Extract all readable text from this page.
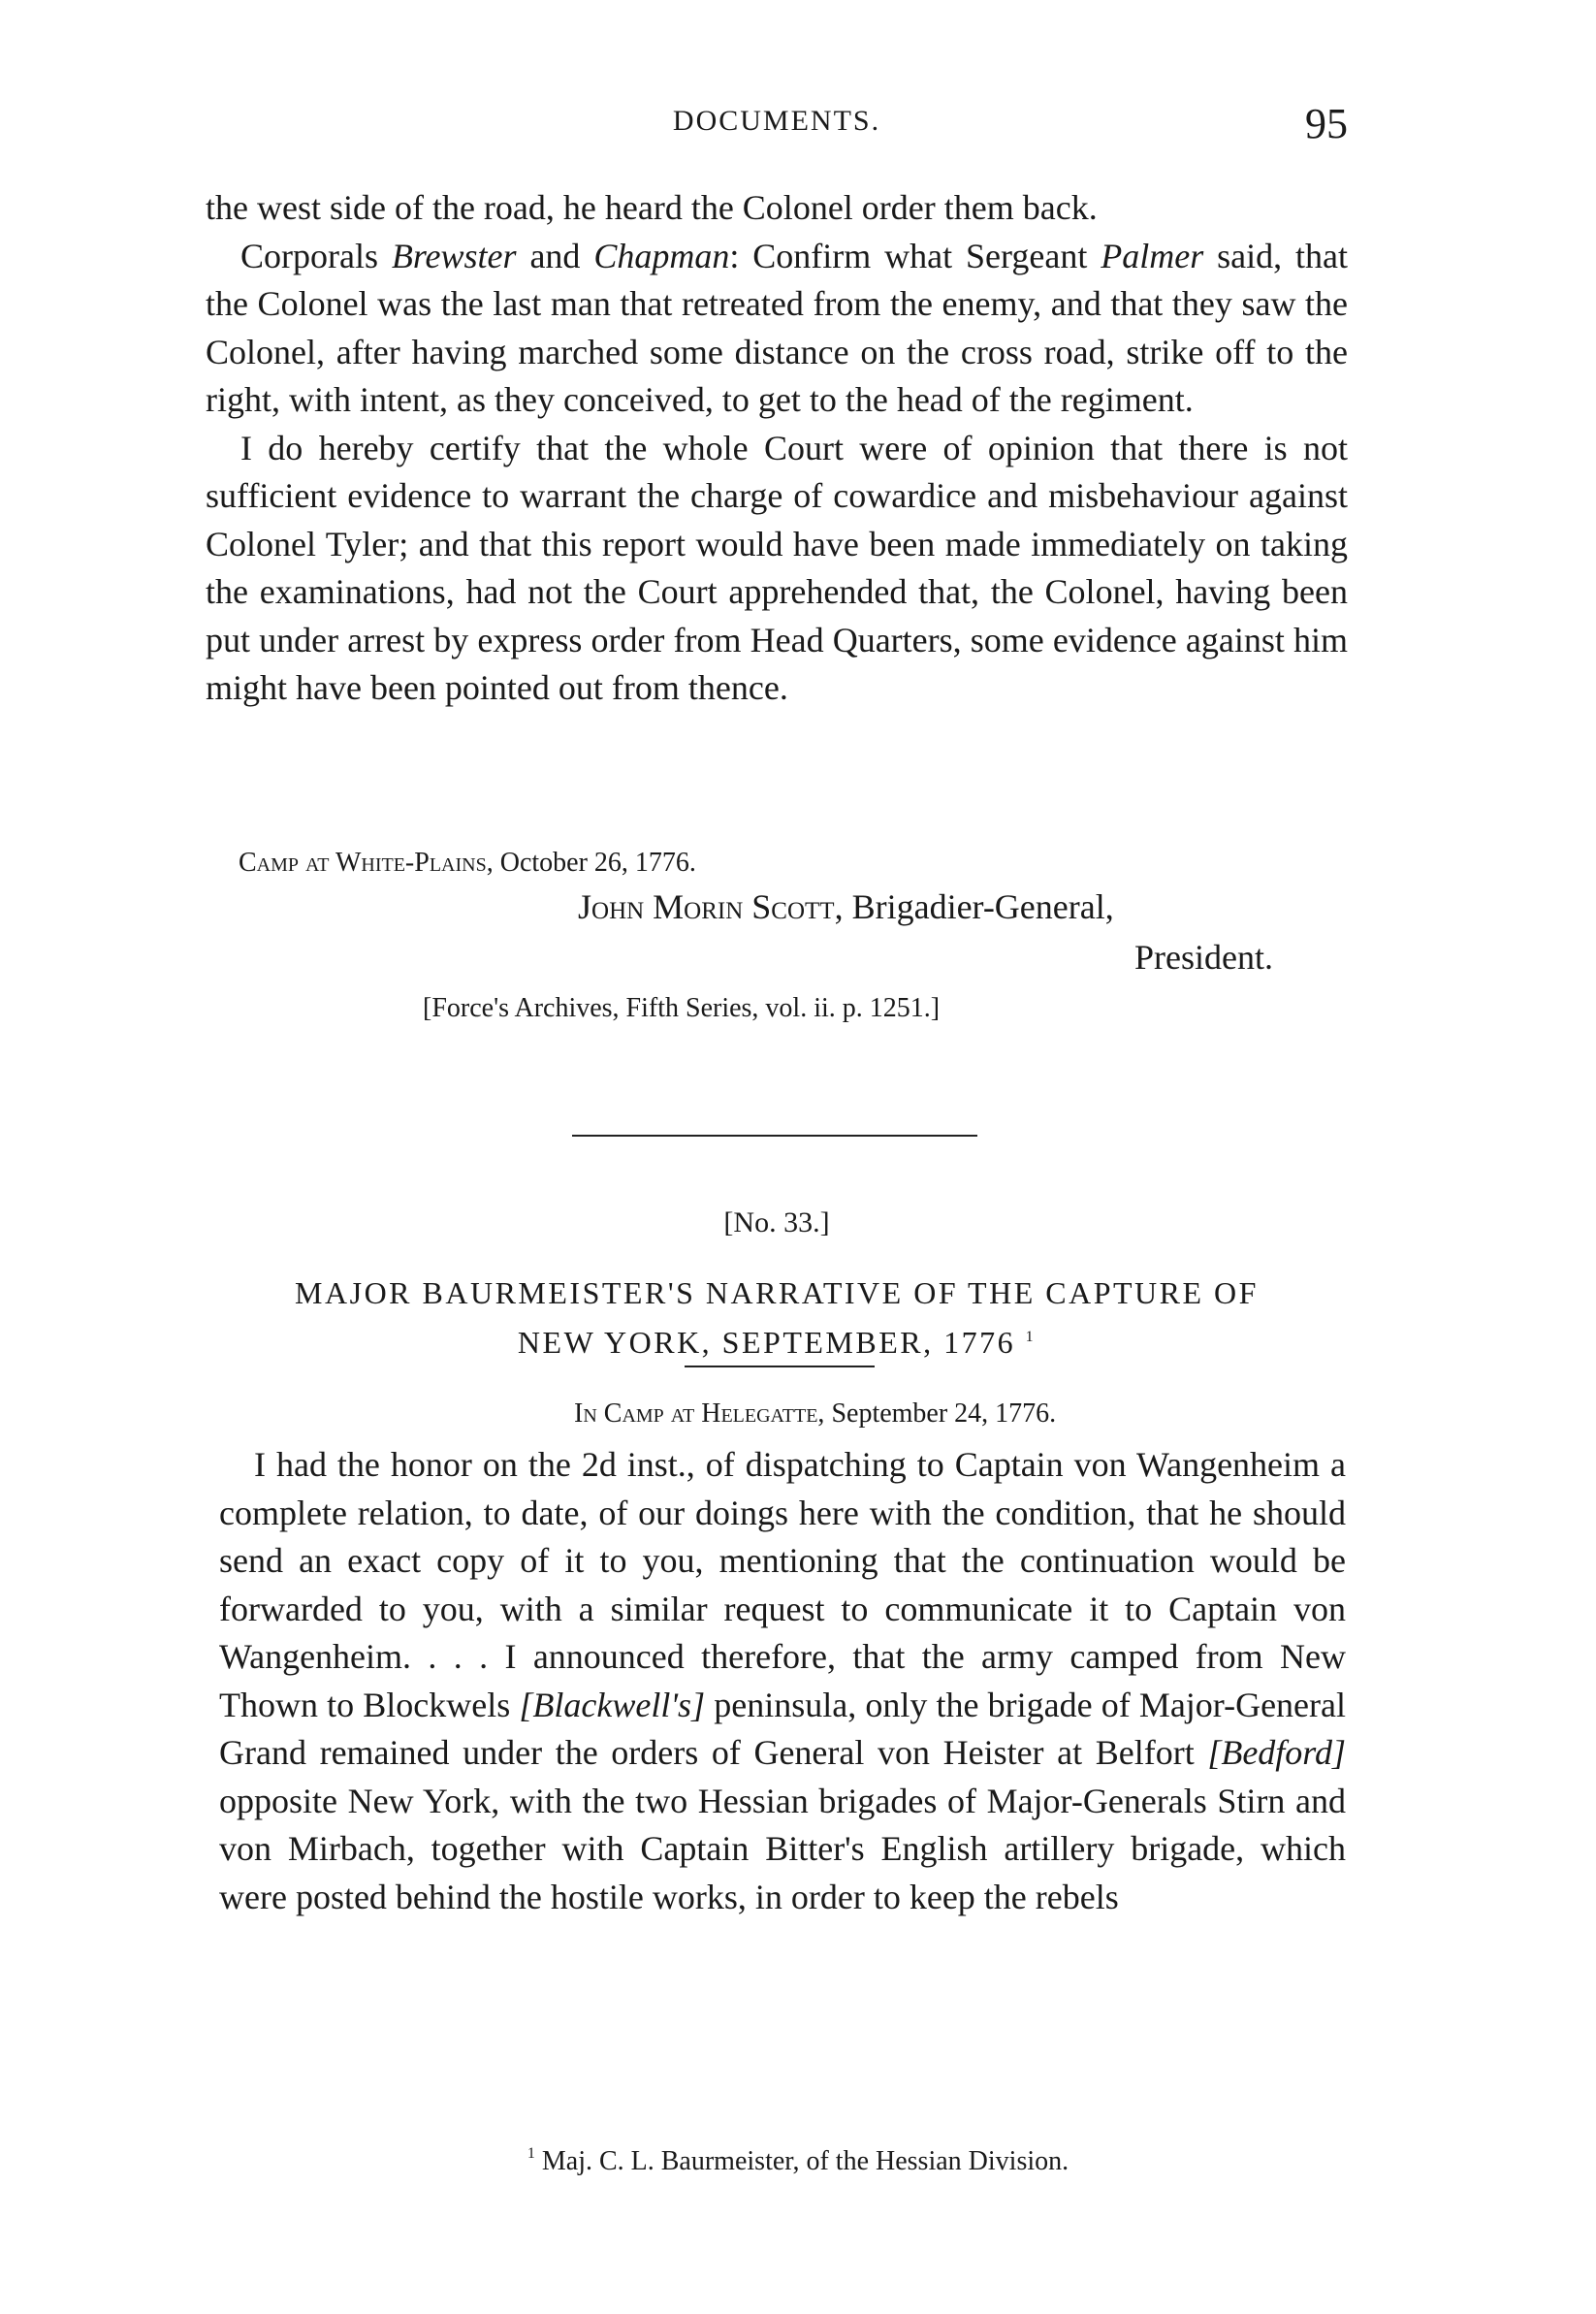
DOCUMENTS.	95

the west side of the road, he heard the Colonel order them back.

Corporals Brewster and Chapman: Confirm what Sergeant Palmer said, that the Colonel was the last man that retreated from the enemy, and that they saw the Colonel, after having marched some distance on the cross road, strike off to the right, with intent, as they conceived, to get to the head of the regiment.

I do hereby certify that the whole Court were of opinion that there is not sufficient evidence to warrant the charge of cowardice and misbehaviour against Colonel Tyler; and that this report would have been made immediately on taking the examinations, had not the Court apprehended that, the Colonel, having been put under arrest by express order from Head Quarters, some evidence against him might have been pointed out from thence.

Camp at White-Plains, October 26, 1776.
John Morin Scott, Brigadier-General,
President.
[Force's Archives, Fifth Series, vol. ii. p. 1251.]
[No. 33.]
MAJOR BAURMEISTER'S NARRATIVE OF THE CAPTURE OF
NEW YORK, SEPTEMBER, 1776 $^1$
In Camp at Helegatte, September 24, 1776.

I had the honor on the 2d inst., of dispatching to Captain von Wangenheim a complete relation, to date, of our doings here with the condition, that he should send an exact copy of it to you, mentioning that the continuation would be forwarded to you, with a similar request to communicate it to Captain von Wangenheim. . . . I announced therefore, that the army camped from New Thown to Blockwels [Blackwell's] peninsula, only the brigade of Major-General Grand remained under the orders of General von Heister at Belfort [Bedford] opposite New York, with the two Hessian brigades of Major-Generals Stirn and von Mirbach, together with Captain Bitter's English artillery brigade, which were posted behind the hostile works, in order to keep the rebels

$^1$ Maj. C. L. Baurmeister, of the Hessian Division.
